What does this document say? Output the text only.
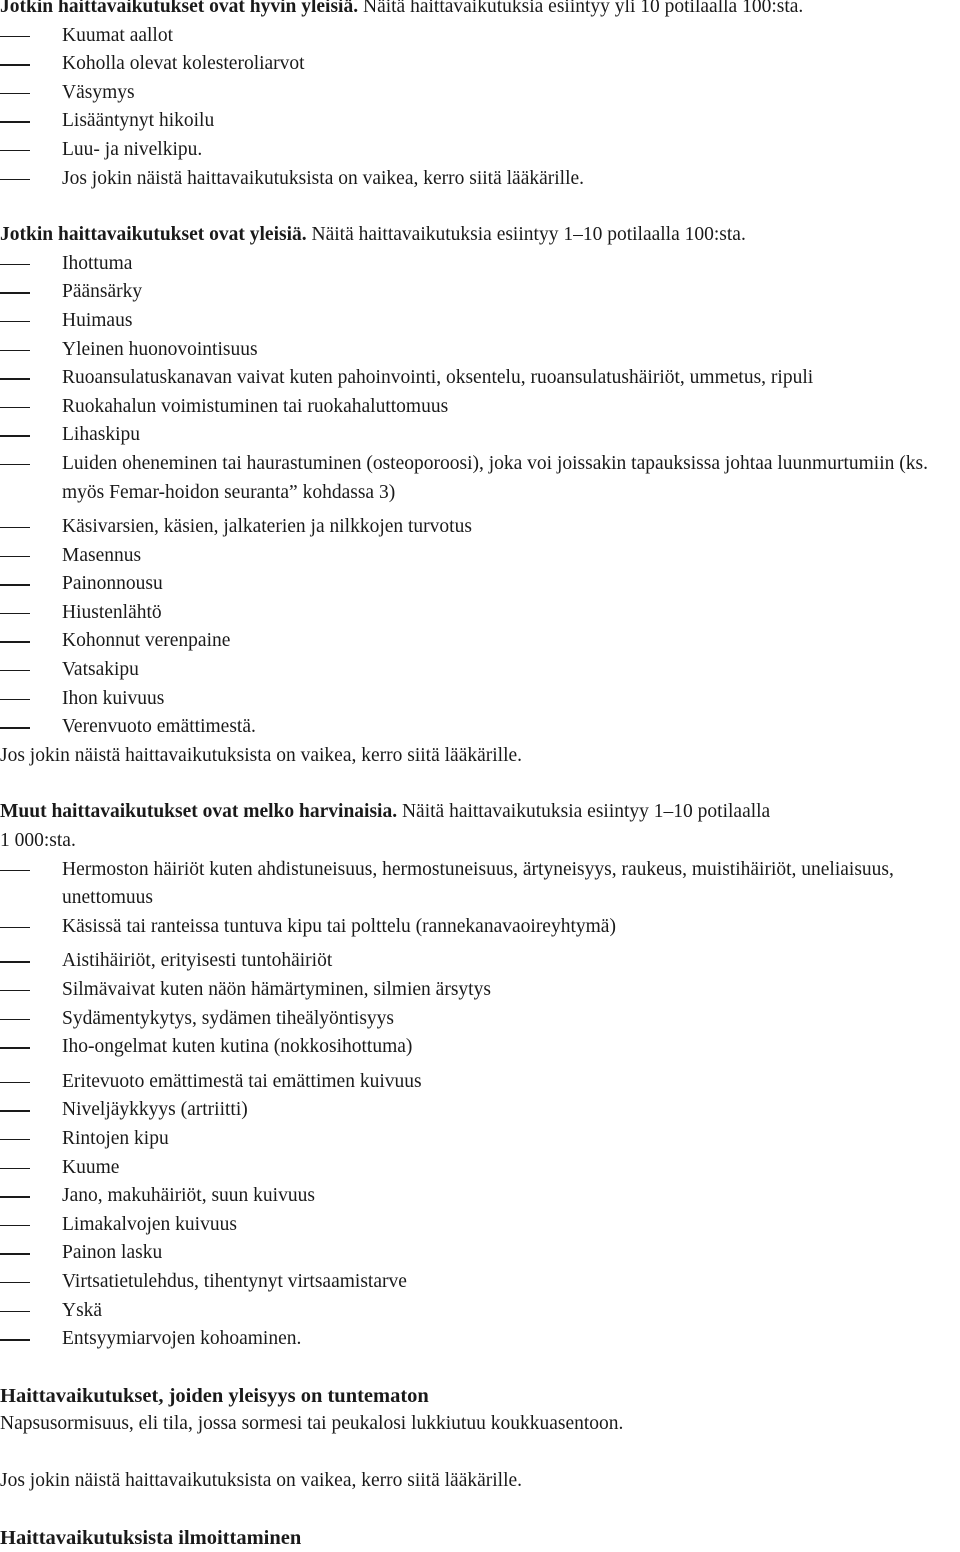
Jotkin haittavaikutukset ovat hyvin yleisiä. Näitä haittavaikutuksia esiintyy yli 10 potilaalla 100:sta.
Kuumat aallot
Koholla olevat kolesteroliarvot
Väsymys
Lisääntynyt hikoilu
Luu- ja nivelkipu.
Jos jokin näistä haittavaikutuksista on vaikea, kerro siitä lääkärille.
Jotkin haittavaikutukset ovat yleisiä. Näitä haittavaikutuksia esiintyy 1–10 potilaalla 100:sta.
Ihottuma
Päänsärky
Huimaus
Yleinen huonovointisuus
Ruoansulatuskanavan vaivat kuten pahoinvointi, oksentelu, ruoansulatushäiriöt, ummetus, ripuli
Ruokahalun voimistuminen tai ruokahaluttomuus
Lihaskipu
Luiden oheneminen tai haurastuminen (osteoporoosi), joka voi joissakin tapauksissa johtaa luunmurtumiin (ks. myös Femar-hoidon seuranta” kohdassa 3)
Käsivarsien, käsien, jalkaterien ja nilkkojen turvotus
Masennus
Painonnousu
Hiustenlähtö
Kohonnut verenpaine
Vatsakipu
Ihon kuivuus
Verenvuoto emättimestä.
Jos jokin näistä haittavaikutuksista on vaikea, kerro siitä lääkärille.
Muut haittavaikutukset ovat melko harvinaisia. Näitä haittavaikutuksia esiintyy 1–10 potilaalla
1 000:sta.
Hermoston häiriöt kuten ahdistuneisuus, hermostuneisuus, ärtyneisyys, raukeus, muistihäiriöt, uneliaisuus, unettomuus
Käsissä tai ranteissa tuntuva kipu tai polttelu (rannekanavaoireyhtymä)
Aistihäiriöt, erityisesti tuntohäiriöt
Silmävaivat kuten näön hämärtyminen, silmien ärsytys
Sydämentykytys, sydämen tiheälyöntisyys
Iho-ongelmat kuten kutina (nokkosihottuma)
Eritevuoto emättimestä tai emättimen kuivuus
Niveljäykkyys (artriitti)
Rintojen kipu
Kuume
Jano, makuhäiriöt, suun kuivuus
Limakalvojen kuivuus
Painon lasku
Virtsatietulehdus, tihentynyt virtsaamistarve
Yskä
Entsyymiarvojen kohoaminen.
Haittavaikutukset, joiden yleisyys on tuntematon
Napsusormisuus, eli tila, jossa sormesi tai peukalosi lukkiutuu koukkuasentoon.
Jos jokin näistä haittavaikutuksista on vaikea, kerro siitä lääkärille.
Haittavaikutuksista ilmoittaminen
